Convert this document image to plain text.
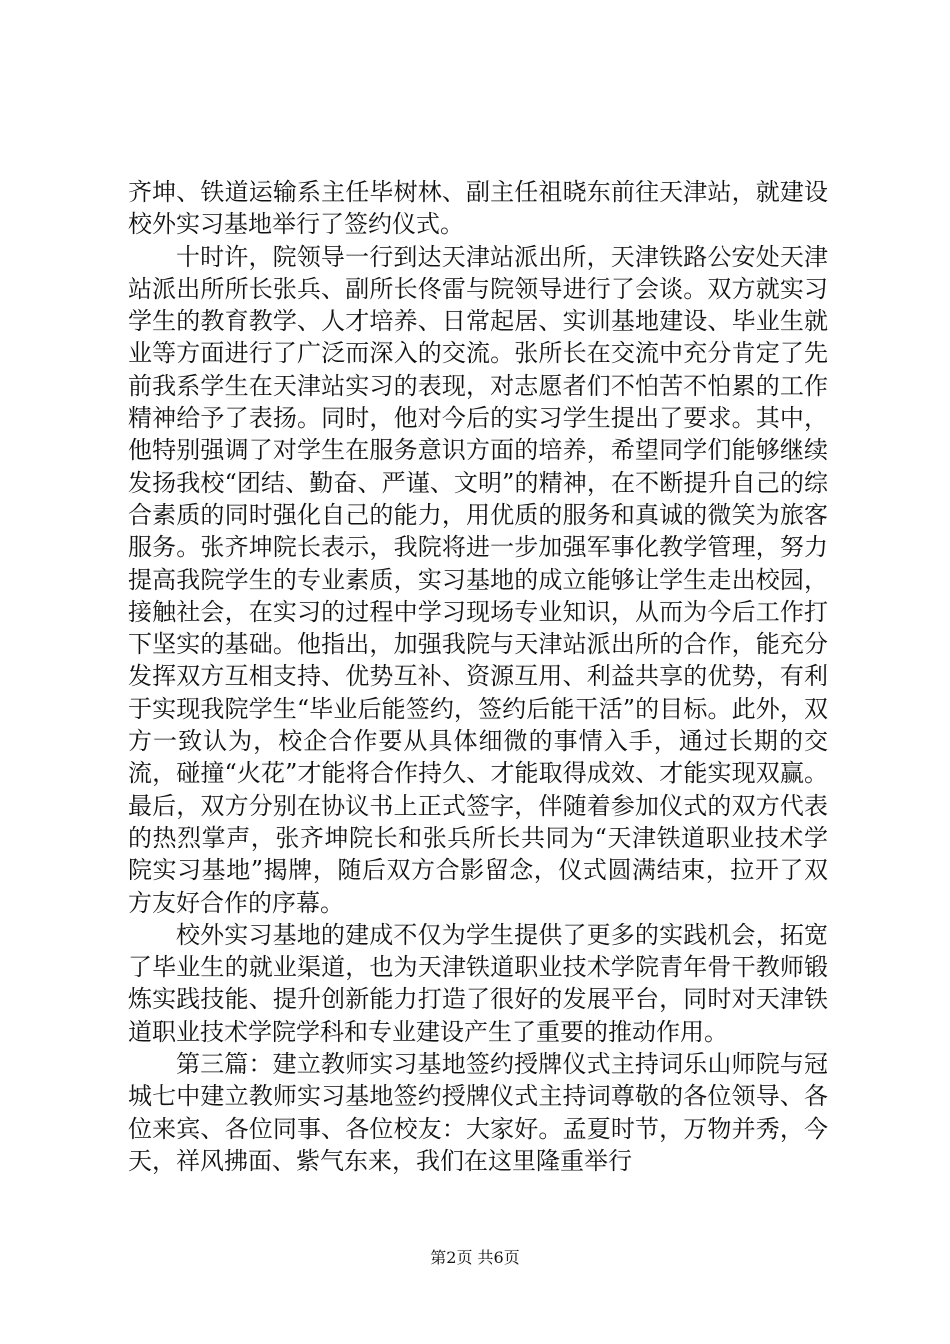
齐坤、铁道运输系主任毕树林、副主任祖晓东前往天津站，就建设校外实习基地举行了签约仪式。

十时许，院领导一行到达天津站派出所，天津铁路公安处天津站派出所所长张兵、副所长佟雷与院领导进行了会谈。双方就实习学生的教育教学、人才培养、日常起居、实训基地建设、毕业生就业等方面进行了广泛而深入的交流。张所长在交流中充分肯定了先前我系学生在天津站实习的表现，对志愿者们不怕苦不怕累的工作精神给予了表扬。同时，他对今后的实习学生提出了要求。其中，他特别强调了对学生在服务意识方面的培养，希望同学们能够继续发扬我校“团结、勤奋、严谨、文明”的精神，在不断提升自己的综合素质的同时强化自己的能力，用优质的服务和真诚的微笑为旅客服务。张齐坤院长表示，我院将进一步加强军事化教学管理，努力提高我院学生的专业素质，实习基地的成立能够让学生走出校园，接触社会，在实习的过程中学习现场专业知识，从而为今后工作打下坚实的基础。他指出，加强我院与天津站派出所的合作，能充分发挥双方互相支持、优势互补、资源互用、利益共享的优势，有利于实现我院学生“毕业后能签约，签约后能干活”的目标。此外，双方一致认为，校企合作要从具体细微的事情入手，通过长期的交流，碰撞“火花”才能将合作持久、才能取得成效、才能实现双赢。最后，双方分别在协议书上正式签字，伴随着参加仪式的双方代表的热烈掌声，张齐坤院长和张兵所长共同为“天津铁道职业技术学院实习基地”揭牌，随后双方合影留念，仪式圆满结束，拉开了双方友好合作的序幕。

校外实习基地的建成不仅为学生提供了更多的实践机会，拓宽了毕业生的就业渠道，也为天津铁道职业技术学院青年骨干教师锻炼实践技能、提升创新能力打造了很好的发展平台，同时对天津铁道职业技术学院学科和专业建设产生了重要的推动作用。

第三篇：建立教师实习基地签约授牌仪式主持词乐山师院与冠城七中建立教师实习基地签约授牌仪式主持词尊敬的各位领导、各位来宾、各位同事、各位校友：大家好。孟夏时节，万物并秀，今天，祥风拂面、紫气东来，我们在这里隆重举行

第2页 共6页
